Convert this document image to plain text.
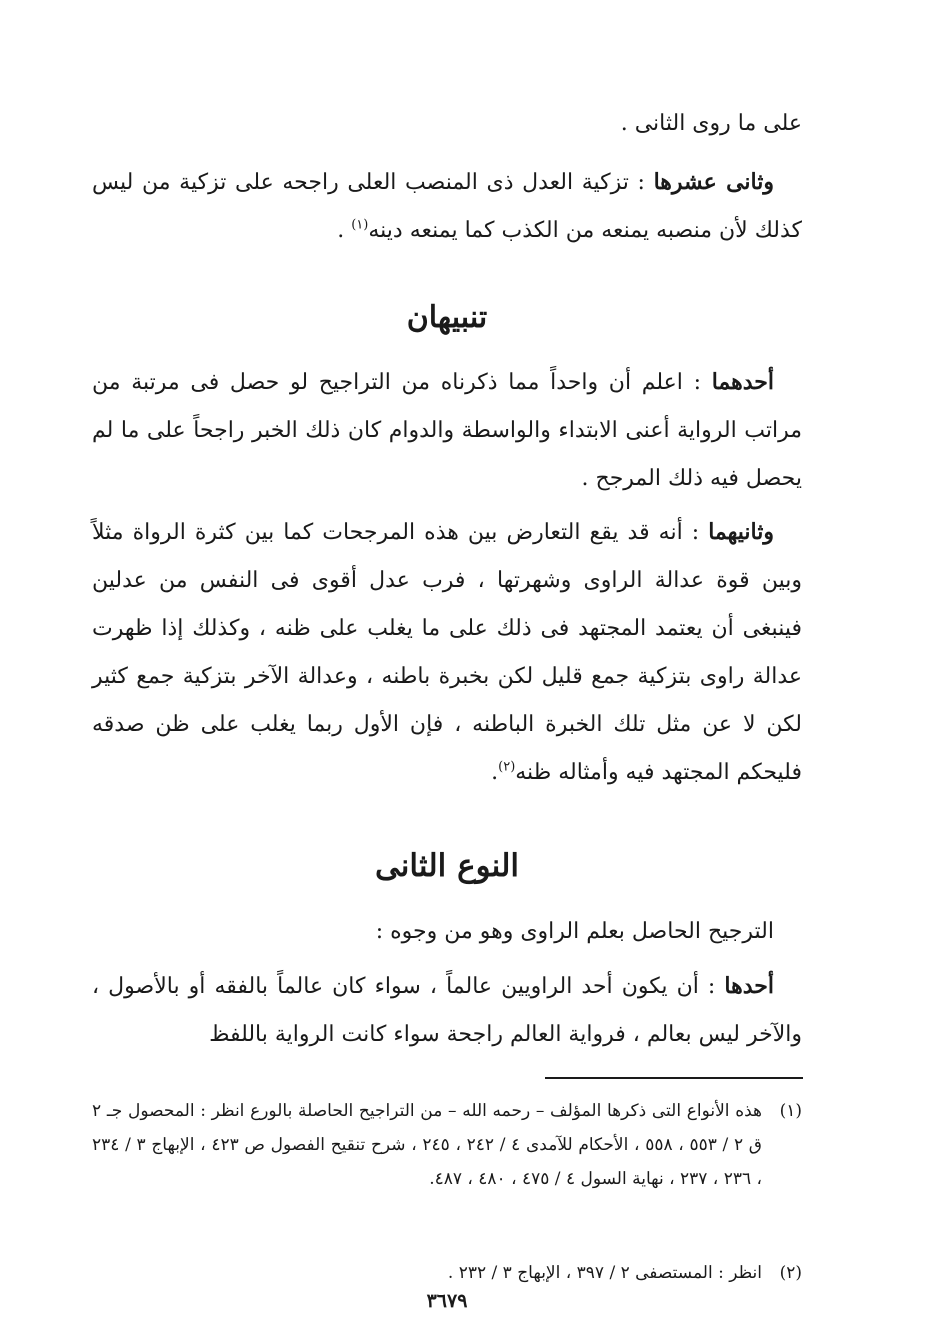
على ما روى الثانى .
وثانى عشرها : تزكية العدل ذى المنصب العلى راجحه على تزكية من ليس كذلك لأن منصبه يمنعه من الكذب كما يمنعه دينه$^{(١)}$ .
تنبيهان
أحدهما : اعلم أن واحداً مما ذكرناه من التراجيح لو حصل فى مرتبة من مراتب الرواية أعنى الابتداء والواسطة والدوام كان ذلك الخبر راجحاً على ما لم يحصل فيه ذلك المرجح .
وثانيهما : أنه قد يقع التعارض بين هذه المرجحات كما بين كثرة الرواة مثلاً وبين قوة عدالة الراوى وشهرتها ، فرب عدل أقوى فى النفس من عدلين فينبغى أن يعتمد المجتهد فى ذلك على ما يغلب على ظنه ، وكذلك إذا ظهرت عدالة راوى بتزكية جمع قليل لكن بخبرة باطنه ، وعدالة الآخر بتزكية جمع كثير لكن لا عن مثل تلك الخبرة الباطنه ، فإن الأول ربما يغلب على ظن صدقه فليحكم المجتهد فيه وأمثاله ظنه$^{(٢)}$.
النوع الثانى
الترجيح الحاصل بعلم الراوى وهو من وجوه :
أحدها : أن يكون أحد الراويين عالماً ، سواء كان عالماً بالفقه أو بالأصول ، والآخر ليس بعالم ، فرواية العالم راجحة سواء كانت الرواية باللفظ
(١)
هذه الأنواع التى ذكرها المؤلف – رحمه الله – من التراجيح الحاصلة بالورع انظر : المحصول جـ ٢ ق ٢ / ٥٥٣ ، ٥٥٨ ، الأحكام للآمدى ٤ / ٢٤٢ ، ٢٤٥ ، شرح تنقيح الفصول ص ٤٢٣ ، الإبهاج ٣ / ٢٣٤ ، ٢٣٦ ، ٢٣٧ ، نهاية السول ٤ / ٤٧٥ ، ٤٨٠ ، ٤٨٧.
(٢)
انظر : المستصفى ٢ / ٣٩٧ ، الإبهاج ٣ / ٢٣٢ .
٣٦٧٩
